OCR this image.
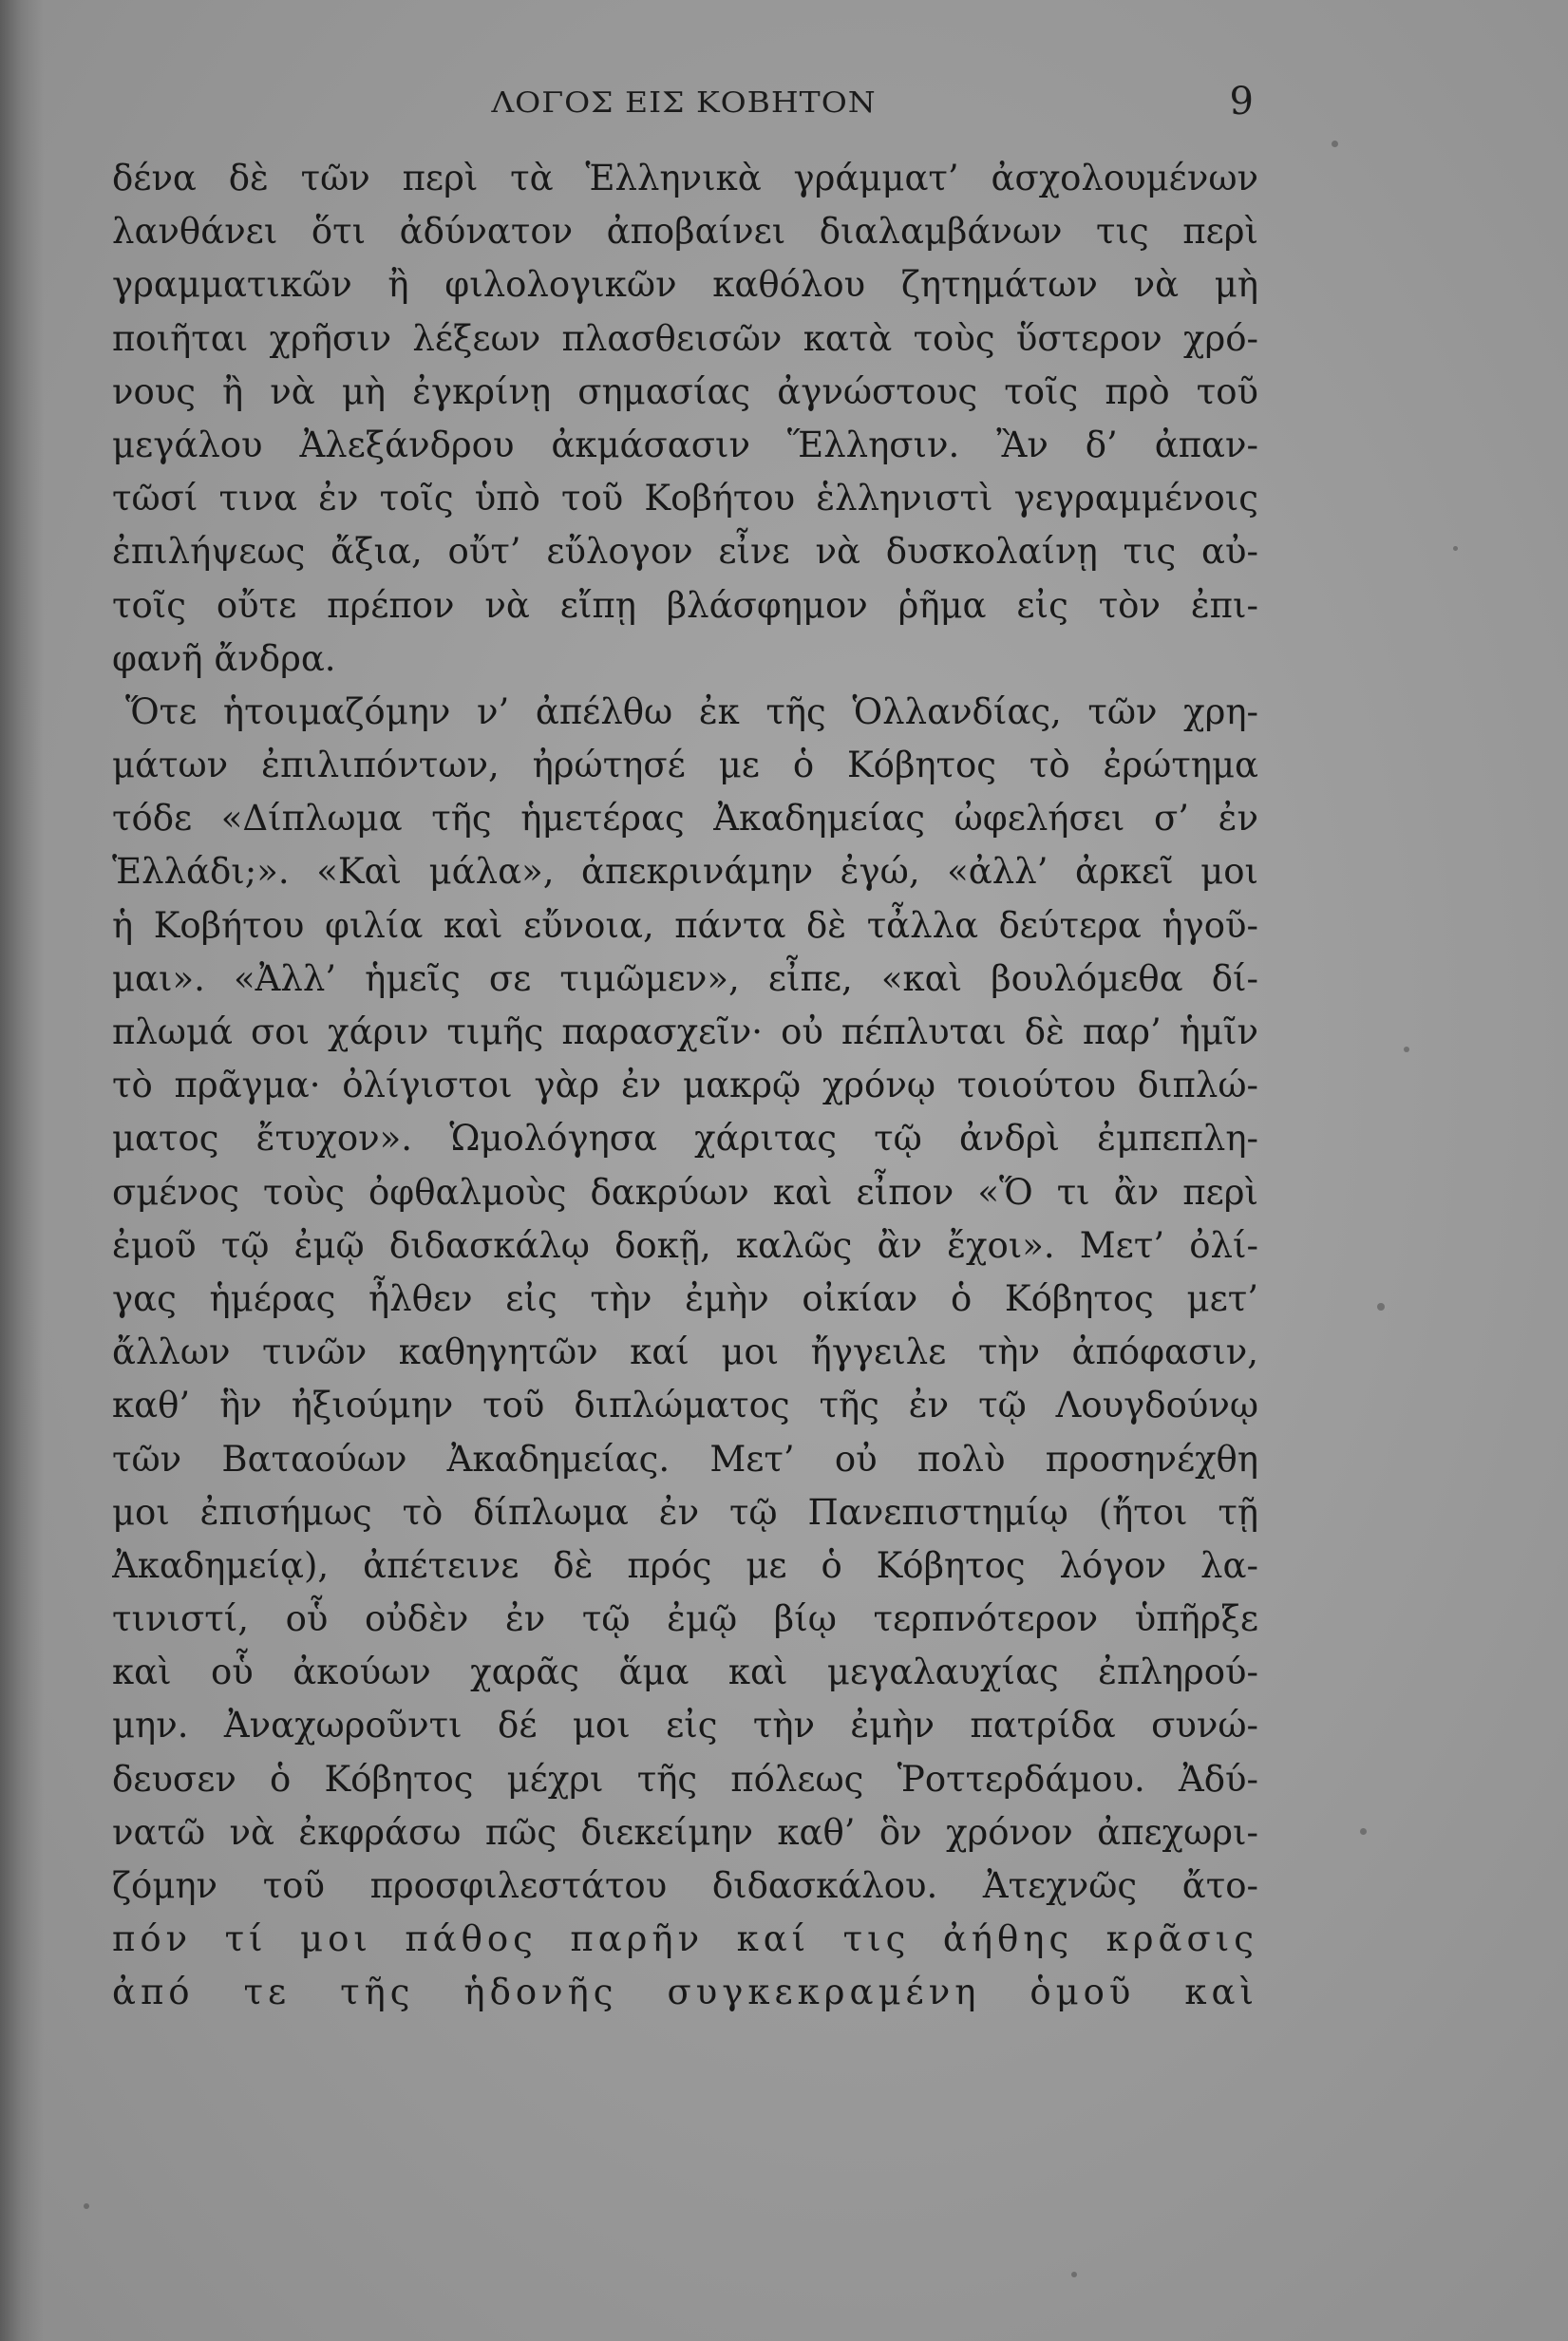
ΛΟΓΟΣ ΕΙΣ ΚΟΒΗΤΟΝ	9
δένα δὲ τῶν περὶ τὰ Ἑλληνικὰ γράμματ’ ἀσχολουμένων
λανθάνει ὅτι ἀδύνατον ἀποβαίνει διαλαμβάνων τις περὶ
γραμματικῶν ἢ φιλολογικῶν καθόλου ζητημάτων νὰ μὴ
ποιῆται χρῆσιν λέξεων πλασθεισῶν κατὰ τοὺς ὕστερον χρό-
νους ἢ νὰ μὴ ἐγκρίνῃ σημασίας ἀγνώστους τοῖς πρὸ τοῦ
μεγάλου Ἀλεξάνδρου ἀκμάσασιν Ἕλλησιν. Ἂν δ’ ἀπαν-
τῶσί τινα ἐν τοῖς ὑπὸ τοῦ Κοβήτου ἑλληνιστὶ γεγραμμένοις
ἐπιλήψεως ἄξια, οὔτ’ εὔλογον εἶνε νὰ δυσκολαίνῃ τις αὐ-
τοῖς οὔτε πρέπον νὰ εἴπῃ βλάσφημον ῥῆμα εἰς τὸν ἐπι-
φανῆ ἄνδρα.
Ὅτε ἡτοιμαζόμην ν’ ἀπέλθω ἐκ τῆς Ὁλλανδίας, τῶν χρη-
μάτων ἐπιλιπόντων, ἠρώτησέ με ὁ Κόβητος τὸ ἐρώτημα
τόδε «Δίπλωμα τῆς ἡμετέρας Ἀκαδημείας ὠφελήσει σ’ ἐν
Ἑλλάδι;». «Καὶ μάλα», ἀπεκρινάμην ἐγώ, «ἀλλ’ ἀρκεῖ μοι
ἡ Κοβήτου φιλία καὶ εὔνοια, πάντα δὲ τἆλλα δεύτερα ἡγοῦ-
μαι». «Ἀλλ’ ἡμεῖς σε τιμῶμεν», εἶπε, «καὶ βουλόμεθα δί-
πλωμά σοι χάριν τιμῆς παρασχεῖν· οὐ πέπλυται δὲ παρ’ ἡμῖν
τὸ πρᾶγμα· ὀλίγιστοι γὰρ ἐν μακρῷ χρόνῳ τοιούτου διπλώ-
ματος ἔτυχον». Ὡμολόγησα χάριτας τῷ ἀνδρὶ ἐμπεπλη-
σμένος τοὺς ὀφθαλμοὺς δακρύων καὶ εἶπον «Ὅ τι ἂν περὶ
ἐμοῦ τῷ ἐμῷ διδασκάλῳ δοκῇ, καλῶς ἂν ἔχοι». Μετ’ ὀλί-
γας ἡμέρας ἦλθεν εἰς τὴν ἐμὴν οἰκίαν ὁ Κόβητος μετ’
ἄλλων τινῶν καθηγητῶν καί μοι ἤγγειλε τὴν ἀπόφασιν,
καθ’ ἣν ἠξιούμην τοῦ διπλώματος τῆς ἐν τῷ Λουγδούνῳ
τῶν Βαταούων Ἀκαδημείας. Μετ’ οὐ πολὺ προσηνέχθη
μοι ἐπισήμως τὸ δίπλωμα ἐν τῷ Πανεπιστημίῳ (ἤτοι τῇ
Ἀκαδημείᾳ), ἀπέτεινε δὲ πρός με ὁ Κόβητος λόγον λα-
τινιστί, οὗ οὐδὲν ἐν τῷ ἐμῷ βίῳ τερπνότερον ὑπῆρξε
καὶ οὗ ἀκούων χαρᾶς ἅμα καὶ μεγαλαυχίας ἐπληρού-
μην. Ἀναχωροῦντι δέ μοι εἰς τὴν ἐμὴν πατρίδα συνώ-
δευσεν ὁ Κόβητος μέχρι τῆς πόλεως Ῥοττερδάμου. Ἀδύ-
νατῶ νὰ ἐκφράσω πῶς διεκείμην καθ’ ὃν χρόνον ἀπεχωρι-
ζόμην τοῦ προσφιλεστάτου διδασκάλου. Ἀτεχνῶς ἄτο-
πόν τί μοι πάθος παρῆν καί τις ἀήθης κρᾶσις
ἀπό τε τῆς ἡδονῆς συγκεκραμένη ὁμοῦ καὶ
